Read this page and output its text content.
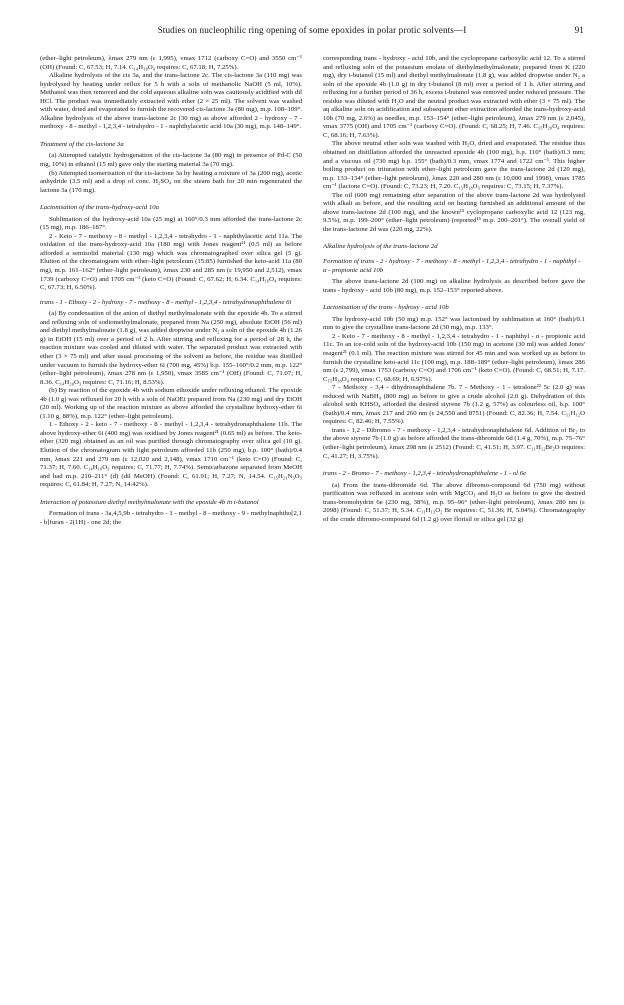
Studies on nucleophilic ring opening of some epoxides in polar protic solvents—I	91

(ether–light petroleum), λmax 279 nm (ε 1,995), νmax 1712 (carboxy C=O) and 3550 cm⁻¹ (OH) (Found: C, 67.53; H, 7.14. C₁₄H₁₈O₄ requires: C, 67.18; H, 7.25%).

Alkaline hydrolysis of the cis 3a, and the trans-lactone 2c. The cis-lactone 3a (110 mg) was hydrolysed by heating under reflux for 5 h with a soln of methanolic NaOH (5 ml, 10%). Methanol was then removed and the cold aqueous alkaline soln was cautiously acidified with dil HCl. The product was immediately extracted with ether (2 × 25 ml). The solvent was washed with water, dried and evaporated to furnish the recovered cis-lactone 3a (80 mg), m.p. 108–109°. Alkaline hydrolysis of the above trans-lactone 2c (30 mg) as above afforded 2 - hydroxy - 7 - methoxy - 8 - methyl - 1,2,3,4 - tetrahydro - 1 - naphthylacetic acid 10a (30 mg), m.p. 148–149°.

Treatment of the cis-lactone 3a

(a) Attempted catalytic hydrogenation of the cis-lactone 3a (80 mg) in presence of Pd-C (50 mg, 10%) in ethanol (15 ml) gave only the starting material 3a (70 mg).

(b) Attempted isomerisation of the cis-lactone 3a by heating a mixture of 3a (200 mg), acetic anhydride (3.5 ml) and a drop of conc. H₂SO₄ on the steam bath for 20 min regenerated the lactone 3a (170 mg).

Lactonisation of the trans-hydroxy-acid 10a

Sublimation of the hydroxy-acid 10a (25 mg) at 160°/0.3 mm afforded the trans-lactone 2c (15 mg), m.p. 186–187°.

2 - Keto - 7 - methoxy - 8 - methyl - 1,2,3,4 - tetrahydro - 1 - naphthylacetic acid 11a. The oxidation of the trans-hydroxy-acid 10a (180 mg) with Jones reagent²¹ (0.5 ml) as before afforded a semisolid material (130 mg) which was chromatographed over silica gel (5 g). Elution of the chromatogram with ether–light petroleum (15:85) furnished the keto-acid 11a (80 mg), m.p. 161–162° (ether–light petroleum), λmax 230 and 285 nm (ε 19,950 and 2,512), νmax 1739 (carboxy C=O) and 1705 cm⁻¹ (keto C=O) (Found: C, 67.62; H, 6.34. C₁₄H₁₆O₄ requires: C, 67.73; H, 6.50%).

trans - 1 - Ethoxy - 2 - hydroxy - 7 - methoxy - 8 - methyl - 1,2,3,4 - tetrahydronaphthalene 6i

(a) By condensation of the anion of diethyl methylmalonate with the epoxide 4b. To a stirred and refluxing soln of sodiomethylmalonate, prepared from Na (250 mg), absolute EtOH (56 ml) and diethyl methylmalonate (1.8 g), was added dropwise under N₂ a soln of the epoxide 4b (1.26 g) in EtOH (15 ml) over a period of 2 h. After stirring and refluxing for a period of 28 h, the reaction mixture was cooled and diluted with water. The separated product was extracted with ether (3 × 75 ml) and after usual processing of the solvent as before, the residue was distilled under vacuum to furnish the hydroxy-ether 6i (700 mg, 45%) b.p. 155–160°/0.2 mm, m.p. 122° (ether–light petroleum), λmax 278 nm (ε 1,950), νmax 3585 cm⁻¹ (OH) (Found: C, 71.07; H, 8.36. C₁₄H₂₀O₃ requires: C, 71.16; H, 8.53%).

(b) By reaction of the epoxide 4b with sodium ethoxide under refluxing ethanol. The epoxide 4b (1.0 g) was refluxed for 20 h with a soln of NaOEt prepared from Na (230 mg) and dry EtOH (20 ml). Working up of the reaction mixture as above afforded the crystalline hydroxy-ether 6i (1.10 g, 88%), m.p. 122° (ether–light petroleum).

1 - Ethoxy - 2 - keto - 7 - methoxy - 8 - methyl - 1,2,3,4 - tetrahydronaphthalene 11b. The above hydroxy-ether 6i (400 mg) was oxidised by Jones reagent²¹ (0.65 ml) as before. The keto-ether (320 mg) obtained as an oil was purified through chromatography over silica gel (10 g). Elution of the chromatogram with light petroleum afforded 11b (250 mg), b.p. 100° (bath)/0.4 mm, λmax 221 and 279 nm (ε 12,020 and 2,148), νmax 1710 cm⁻¹ (keto C=O) (Found: C, 71.37; H, 7.60. C₁₄H₁₈O₃ requires: C, 71.77; H, 7.74%). Semicarbazone separated from MeOH and had m.p. 210–211° (d) (dil MeOH) (Found: C, 61.91; H, 7.27; N, 14.54. C₁₅H₂₁N₃O₃ requires: C, 61.84; H, 7.27; N, 14.42%).

Interaction of potassium diethyl methylmalonate with the epoxide 4b in t-butanol

Formation of trans - 3a,4,5,9b - tetrahydro - 1 - methyl - 8 - methoxy - 9 - methylnaphtho[2,1 - b]furan - 2(1H) - one 2d; the

corresponding trans - hydroxy - acid 10b, and the cyclopropane carboxylic acid 12. To a stirred and refluxing soln of the potassium enolate of diethylmethylmalonate, prepared from K (220 mg), dry t-butanol (15 ml) and diethyl methylmalonate (1.8 g), was added dropwise under N₂ a soln of the epoxide 4b (1.0 g) in dry t-butanol (8 ml) over a period of 1 h. After stirring and refluxing for a further period of 36 h, excess t-butanol was removed under reduced pressure. The residue was diluted with H₂O and the neutral product was extracted with ether (3 × 75 ml). The aq alkaline soln on acidification and subsequent ether extraction afforded the trans-hydroxy-acid 10b (70 mg, 2.6%) as needles, m.p. 153–154° (ether–light petroleum), λmax 279 nm (ε 2,045), νmax 3775 (OH) and 1705 cm⁻¹ (carboxy C=O). (Found: C, 68.25; H, 7.46. C₁₅H₂₀O₄ requires: C, 68.16; H, 7.63%).

The above neutral ether soln was washed with H₂O, dried and evaporated. The residue thus obtained on distillation afforded the unreacted epoxide 4b (100 mg), b.p. 110° (bath)/0.3 mm; and a viscous oil (730 mg) b.p. 155° (bath)/0.3 mm, νmax 1774 and 1722 cm⁻¹. This higher boiling product on trituration with ether–light petroleum gave the trans-lactone 2d (120 mg), m.p. 133–134° (ether–light petroleum), λmax 220 and 280 nm (ε 10,000 and 1998), νmax 1785 cm⁻¹ (lactone C=O). (Found: C, 73.23; H, 7.20. C₁₅H₁₈O₃ requires: C, 73.15; H, 7.37%).

The oil (600 mg) remaining after separation of the above trans-lactone 2d was hydrolysed with alkali as before, and the resulting acid on heating furnished an additional amount of the above trans-lactone 2d (100 mg), and the known¹⁵ cyclopropane carboxylic acid 12 (123 mg, 9.5%), m.p. 199–200° (ether–light petroleum) (reported¹⁵ m.p. 200–201°). The overall yield of the trans-lactone 2d was (220 mg, 22%).

Alkaline hydrolysis of the trans-lactone 2d

Formation of trans - 2 - hydroxy - 7 - methoxy - 8 - methyl - 1,2,3,4 - tetrahydro - 1 - naphthyl - α - propionic acid 10b

The above trans-lactone 2d (100 mg) on alkaline hydrolysis as described before gave the trans - hydroxy - acid 10b (80 mg), m.p. 152–153° reported above.

Lactonisation of the trans - hydroxy - acid 10b

The hydroxy-acid 10b (50 mg) m.p. 152° was lactonised by sublimation at 160° (bath)/0.1 mm to give the crystalline trans-lactone 2d (30 mg), m.p. 133°.

2 - Keto - 7 - methoxy - 8 - methyl - 1,2,3,4 - tetrahydro - 1 - naphthyl - α - propionic acid 11c. To an ice-cold soln of the hydroxy-acid 10b (150 mg) in acetone (30 ml) was added Jones' reagent²¹ (0.1 ml). The reaction mixture was stirred for 45 min and was worked up as before to furnish the crystalline keto-acid 11c (100 mg), m.p. 188–189° (ether–light petroleum), λmax 286 nm (ε 2,799), νmax 1753 (carboxy C=O) and 1706 cm⁻¹ (keto C=O). (Found: C, 68.51; H, 7.17. C₁₅H₁₈O₄ requires: C, 68.69; H, 6.97%).

7 - Methoxy - 3,4 - dihydronaphthalene 7b. 7 - Methoxy - 1 - tetralone²² 5c (2.0 g) was reduced with NaBH₄ (800 mg) as before to give a crude alcohol (2.0 g). Dehydration of this alcohol with KHSO₄ afforded the desired styrene 7b (1.2 g, 57%) as colourless oil, b.p. 100° (bath)/0.4 mm, λmax 217 and 260 nm (ε 24,550 and 8751) (Found: C, 82.36; H, 7.54. C₁₁H₁₂O requires: C, 82.46; H, 7.55%).

trans - 1,2 - Dibromo - 7 - methoxy - 1,2,3,4 - tetrahydronaphthalene 6d. Addition of Br₂ to the above styrene 7b (1.0 g) as before afforded the trans-dibromide 6d (1.4 g, 70%), m.p. 75–76° (ether–light petroleum), λmax 298 nm (ε 2512) (Found: C, 41.51; H, 3.97. C₁₁H₁₂Br₂O requires: C, 41.27; H, 3.75%).

trans - 2 - Bromo - 7 - methoxy - 1,2,3,4 - tetrahydronaphthalene - 1 - ol 6e

(a) From the trans-dibromide 6d. The above dibromo-compound 6d (750 mg) without purification was refluxed in acetone soln with MgCO₃ and H₂O as before to give the desired trans-bromohydrin 6e (230 mg, 38%), m.p. 95–96° (ether–light petroleum), λmax 280 nm (ε 2098) (Found: C, 51.37; H, 5.34. C₁₁H₁₃O₂ Br requires: C, 51.36; H, 5.04%). Chromatography of the crude dibromo-compound 6d (1.2 g) over florisil or silica gel (32 g)
